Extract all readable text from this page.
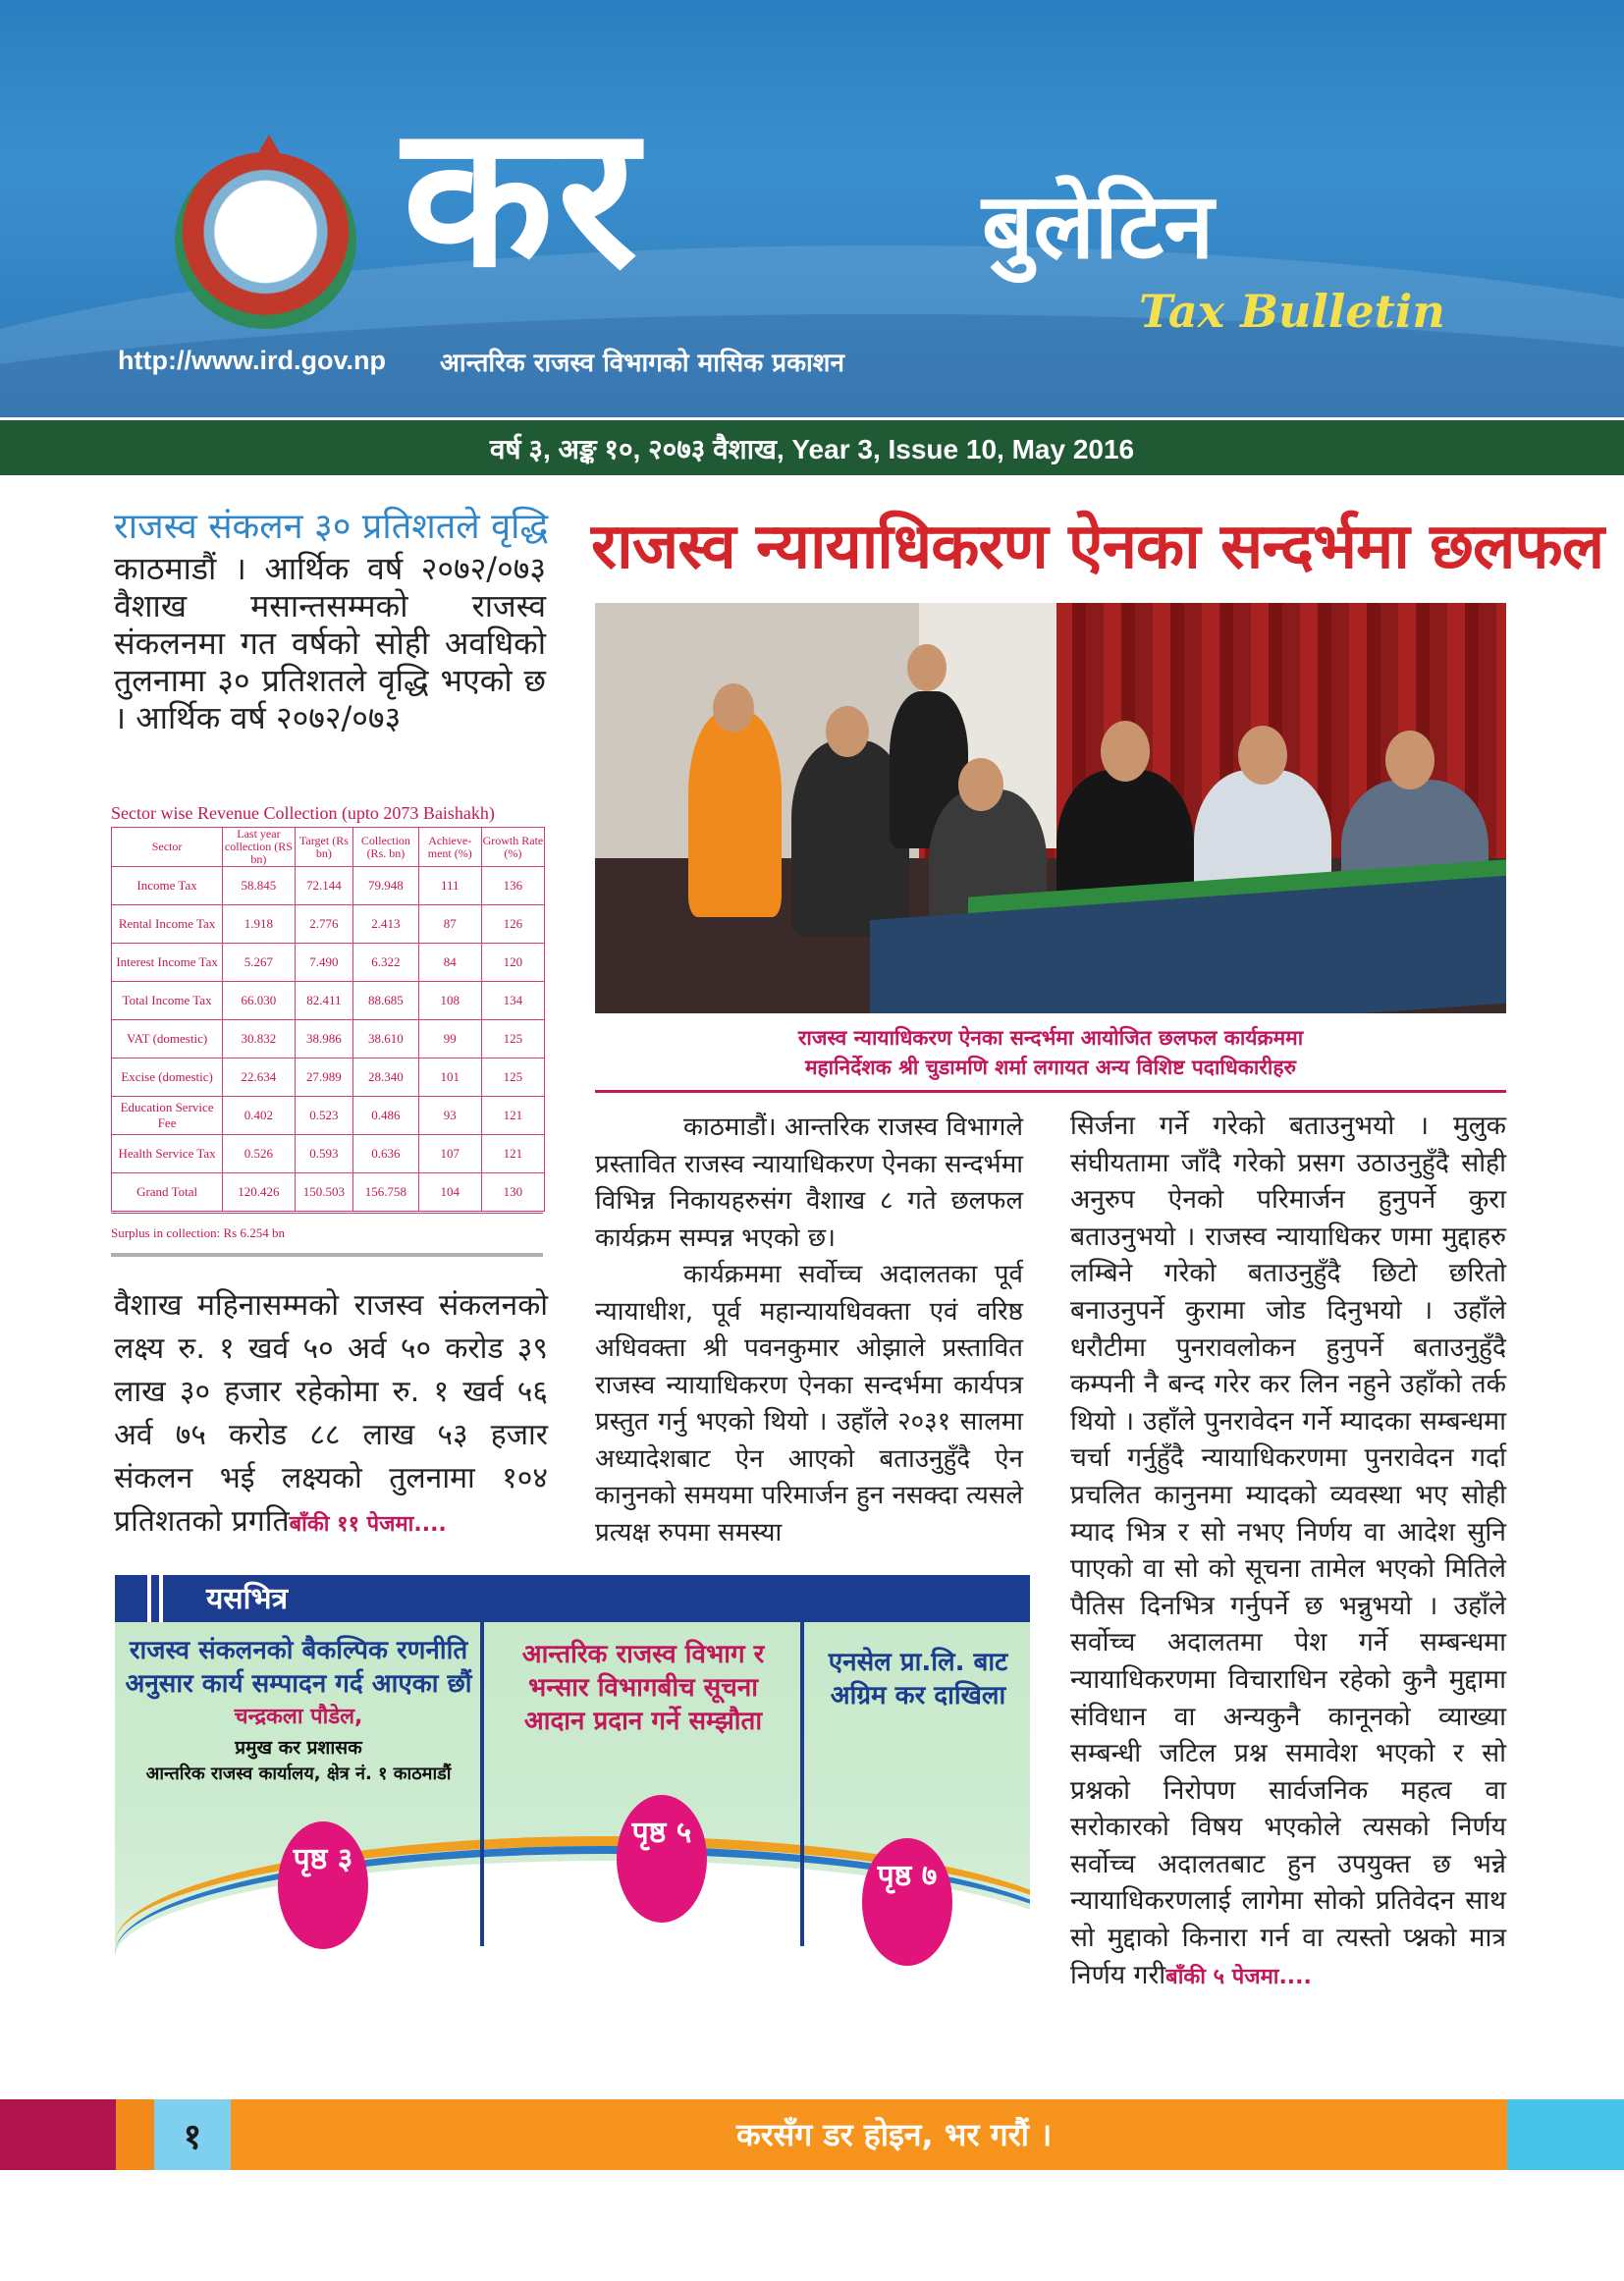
कर	बुलेटिन
Tax Bulletin
http://www.ird.gov.np आन्तरिक राजस्व विभागको मासिक प्रकाशन
वर्ष ३, अङ्क १०, २०७३ वैशाख, Year 3, Issue 10, May 2016
राजस्व संकलन ३० प्रतिशतले वृद्धि
काठमाडौं । आर्थिक वर्ष २०७२/०७३ वैशाख मसान्तसम्मको राजस्व संकलनमा गत वर्षको सोही अवधिको तुलनामा ३० प्रतिशतले वृद्धि भएको छ । आर्थिक वर्ष २०७२/०७३
Sector wise Revenue Collection (upto 2073 Baishakh)
Sector	Last year collection (RS bn)	Target (Rs bn)	Collection (Rs. bn)	Achieve-ment (%)	Growth Rate (%)
Income Tax	58.845	72.144	79.948	111	136
Rental Income Tax	1.918	2.776	2.413	87	126
Interest Income Tax	5.267	7.490	6.322	84	120
Total Income Tax	66.030	82.411	88.685	108	134
VAT (domestic)	30.832	38.986	38.610	99	125
Excise (domestic)	22.634	27.989	28.340	101	125
Education Service Fee	0.402	0.523	0.486	93	121
Health Service Tax	0.526	0.593	0.636	107	121
Grand Total	120.426	150.503	156.758	104	130
Surplus in collection: Rs 6.254 bn
वैशाख महिनासम्मको राजस्व संकलनको लक्ष्य रु. १ खर्व ५० अर्व ५० करोड ३९ लाख ३० हजार रहेकोमा रु. १ खर्व ५६ अर्व ७५ करोड ८८ लाख ५३ हजार संकलन भई लक्ष्यको तुलनामा १०४ प्रतिशतको प्रगतिबाँकी ११ पेजमा....
राजस्व न्यायाधिकरण ऐनका सन्दर्भमा छलफल
राजस्व न्यायाधिकरण ऐनका सन्दर्भमा आयोजित छलफल कार्यक्रममा
महानिर्देशक श्री चुडामणि शर्मा लगायत अन्य विशिष्ट पदाधिकारीहरु

काठमाडौं। आन्तरिक राजस्व विभागले प्रस्तावित राजस्व न्यायाधिकरण ऐनका सन्दर्भमा विभिन्न निकायहरुसंग वैशाख ८ गते छलफल कार्यक्रम सम्पन्न भएको छ।

कार्यक्रममा सर्वोच्च अदालतका पूर्व न्यायाधीश, पूर्व महान्यायधिवक्ता एवं वरिष्ठ अधिवक्ता श्री पवनकुमार ओझाले प्रस्तावित राजस्व न्यायाधिकरण ऐनका सन्दर्भमा कार्यपत्र प्रस्तुत गर्नु भएको थियो । उहाँले २०३१ सालमा अध्यादेशबाट ऐन आएको बताउनुहुँदै ऐन कानुनको समयमा परिमार्जन हुन नसक्दा त्यसले प्रत्यक्ष रुपमा समस्या

सिर्जना गर्ने गरेको बताउनुभयो । मुलुक संघीयतामा जाँदै गरेको प्रसग उठाउनुहुँदै सोही अनुरुप ऐनको परिमार्जन हुनुपर्ने कुरा बताउनुभयो । राजस्व न्यायाधिकर णमा मुद्दाहरु लम्बिने गरेको बताउनुहुँदै छिटो छरितो बनाउनुपर्ने कुरामा जोड दिनुभयो । उहाँले धरौटीमा पुनरावलोकन हुनुपर्ने बताउनुहुँदै कम्पनी नै बन्द गरेर कर लिन नहुने उहाँको तर्क थियो । उहाँले पुनरावेदन गर्ने म्यादका सम्बन्धमा चर्चा गर्नुहुँदै न्यायाधिकरणमा पुनरावेदन गर्दा प्रचलित कानुनमा म्यादको व्यवस्था भए सोही म्याद भित्र र सो नभए निर्णय वा आदेश सुनि पाएको वा सो को सूचना तामेल भएको मितिले पैतिस दिनभित्र गर्नुपर्ने छ भन्नुभयो । उहाँले सर्वोच्च अदालतमा पेश गर्ने सम्बन्धमा न्यायाधिकरणमा विचाराधिन रहेको कुनै मुद्दामा संविधान वा अन्यकुनै कानूनको व्याख्या सम्बन्धी जटिल प्रश्न समावेश भएको र सो प्रश्नको निरोपण सार्वजनिक महत्व वा सरोकारको विषय भएकोले त्यसको निर्णय सर्वोच्च अदालतबाट हुन उपयुक्त छ भन्ने न्यायाधिकरणलाई लागेमा सोको प्रतिवेदन साथ सो मुद्दाको किनारा गर्न वा त्यस्तो प्श्नको मात्र निर्णय गरीबाँकी ५ पेजमा....
यसभित्र
राजस्व संकलनको बैकल्पिक रणनीति अनुसार कार्य सम्पादन गर्द आएका छौं
चन्द्रकला पौडेल,
प्रमुख कर प्रशासक
आन्तरिक राजस्व कार्यालय, क्षेत्र नं. १ काठमाडौं
पृष्ठ ३
आन्तरिक राजस्व विभाग र भन्सार विभागबीच सूचना आदान प्रदान गर्ने सम्झौता
पृष्ठ ५
एनसेल प्रा.लि. बाट अग्रिम कर दाखिला
पृष्ठ ७
१	करसँग डर होइन, भर गरौं ।
